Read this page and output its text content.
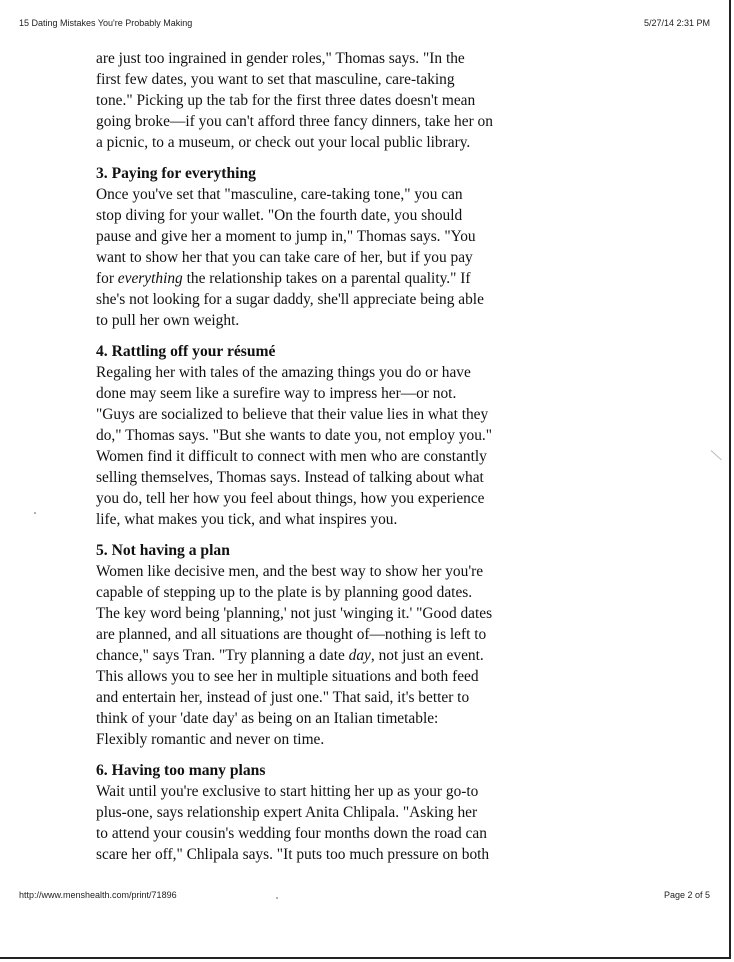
15 Dating Mistakes You're Probably Making	5/27/14 2:31 PM

are just too ingrained in gender roles," Thomas says. "In the
first few dates, you want to set that masculine, care-taking
tone." Picking up the tab for the first three dates doesn't mean
going broke—if you can't afford three fancy dinners, take her on
a picnic, to a museum, or check out your local public library.

3. Paying for everything

Once you've set that "masculine, care-taking tone," you can
stop diving for your wallet. "On the fourth date, you should
pause and give her a moment to jump in," Thomas says. "You
want to show her that you can take care of her, but if you pay
for everything the relationship takes on a parental quality." If
she's not looking for a sugar daddy, she'll appreciate being able
to pull her own weight.

4. Rattling off your résumé

Regaling her with tales of the amazing things you do or have
done may seem like a surefire way to impress her—or not.
"Guys are socialized to believe that their value lies in what they
do," Thomas says. "But she wants to date you, not employ you."
Women find it difficult to connect with men who are constantly
selling themselves, Thomas says. Instead of talking about what
you do, tell her how you feel about things, how you experience
life, what makes you tick, and what inspires you.

5. Not having a plan

Women like decisive men, and the best way to show her you're
capable of stepping up to the plate is by planning good dates.
The key word being 'planning,' not just 'winging it.' "Good dates
are planned, and all situations are thought of—nothing is left to
chance," says Tran. "Try planning a date day, not just an event.
This allows you to see her in multiple situations and both feed
and entertain her, instead of just one." That said, it's better to
think of your 'date day' as being on an Italian timetable:
Flexibly romantic and never on time.

6. Having too many plans

Wait until you're exclusive to start hitting her up as your go-to
plus-one, says relationship expert Anita Chlipala. "Asking her
to attend your cousin's wedding four months down the road can
scare her off," Chlipala says. "It puts too much pressure on both

http://www.menshealth.com/print/71896	Page 2 of 5
